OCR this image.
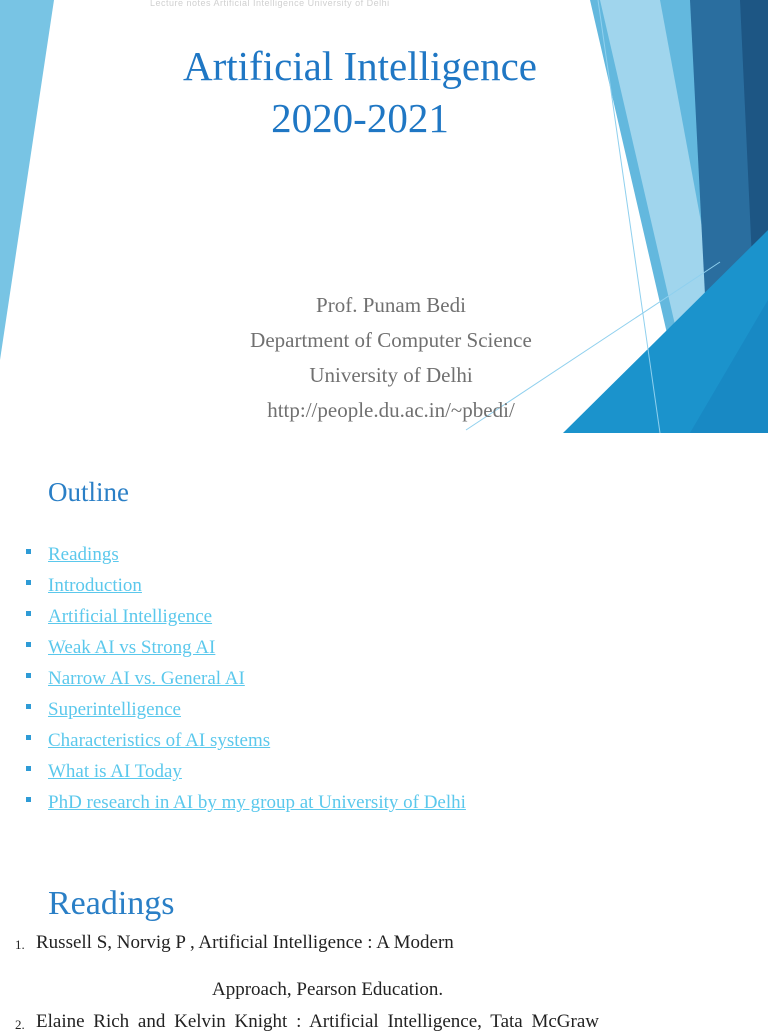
Lecture notes Artificial Intelligence University of Delhi
Artificial Intelligence
2020-2021
Prof. Punam Bedi
Department of Computer Science
University of Delhi
http://people.du.ac.in/~pbedi/
Outline
Readings
Introduction
Artificial Intelligence
Weak AI vs Strong AI
Narrow AI vs. General AI
Superintelligence
Characteristics of AI systems
What is AI Today
PhD research in AI by my group at University of Delhi
Readings
1. Russell S, Norvig P , Artificial Intelligence : A Modern
Approach, Pearson Education.
2. Elaine Rich and Kelvin Knight : Artificial Intelligence, Tata McGraw
